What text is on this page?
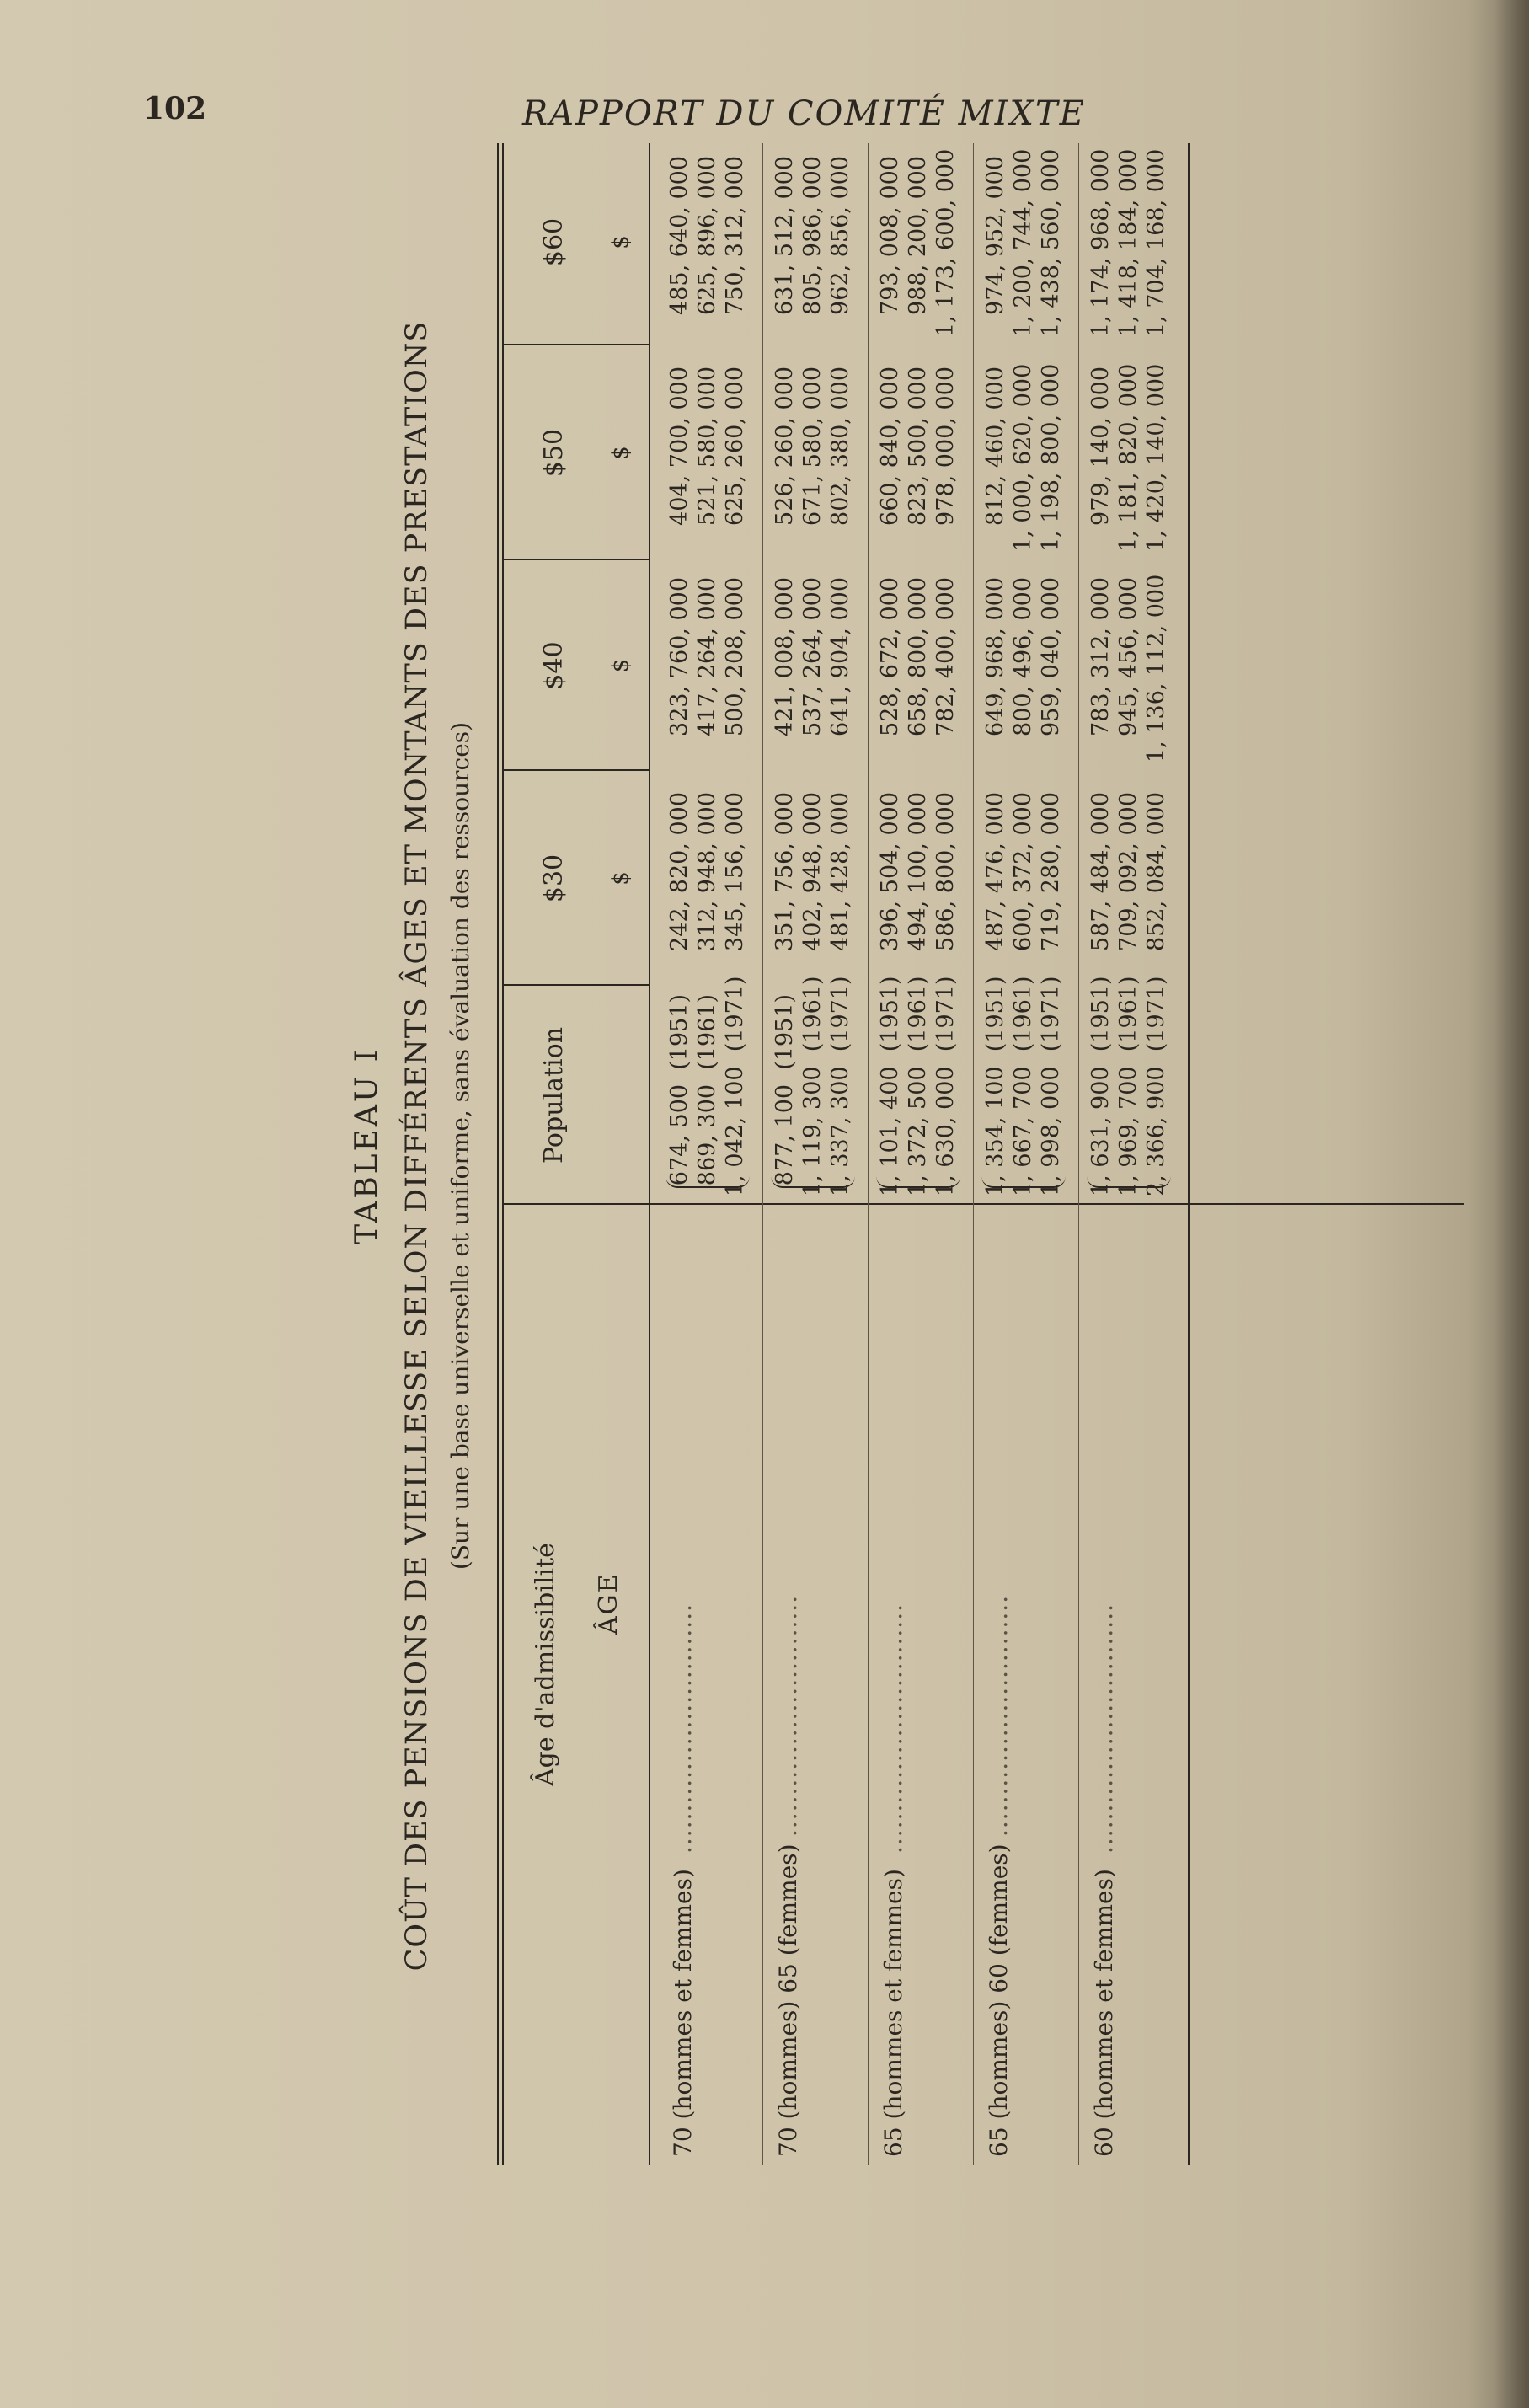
102	RAPPORT DU COMITÉ MIXTE
TABLEAU I COÛT DES PENSIONS DE VIEILLESSE SELON DIFFÉRENTS ÂGES ET MONTANTS DES PRESTATIONS (Sur une base universelle et uniforme, sans évaluation des ressources)
Âge d'admissibilité ÂGE
Population
$30
$40
$50
$60
$
$
$
$
70 (hommes et femmes)
..............................
674, 500  (1951) 869, 300  (1961) 1, 042, 100  (1971)
242, 820, 000 312, 948, 000 345, 156, 000
323, 760, 000 417, 264, 000 500, 208, 000
404, 700, 000 521, 580, 000 625, 260, 000
485, 640, 000 625, 896, 000 750, 312, 000
70 (hommes) 65 (femmes)
.............................
877, 100  (1951) 1, 119, 300  (1961) 1, 337, 300  (1971)
351, 756, 000 402, 948, 000 481, 428, 000
421, 008, 000 537, 264, 000 641, 904, 000
526, 260, 000 671, 580, 000 802, 380, 000
631, 512, 000 805, 986, 000 962, 856, 000
65 (hommes et femmes)
..............................
1, 101, 400  (1951) 1, 372, 500  (1961) 1, 630, 000  (1971)
396, 504, 000 494, 100, 000 586, 800, 000
528, 672, 000 658, 800, 000 782, 400, 000
660, 840, 000 823, 500, 000 978, 000, 000
793, 008, 000 988, 200, 000 1, 173, 600, 000
65 (hommes) 60 (femmes)
.............................
1, 354, 100  (1951) 1, 667, 700  (1961) 1, 998, 000  (1971)
487, 476, 000 600, 372, 000 719, 280, 000
649, 968, 000 800, 496, 000 959, 040, 000
812, 460, 000 1, 000, 620, 000 1, 198, 800, 000
974, 952, 000 1, 200, 744, 000 1, 438, 560, 000
60 (hommes et femmes)
..............................
1, 631, 900  (1951) 1, 969, 700  (1961) 2, 366, 900  (1971)
587, 484, 000 709, 092, 000 852, 084, 000
783, 312, 000 945, 456, 000 1, 136, 112, 000
979, 140, 000 1, 181, 820, 000 1, 420, 140, 000
1, 174, 968, 000 1, 418, 184, 000 1, 704, 168, 000
